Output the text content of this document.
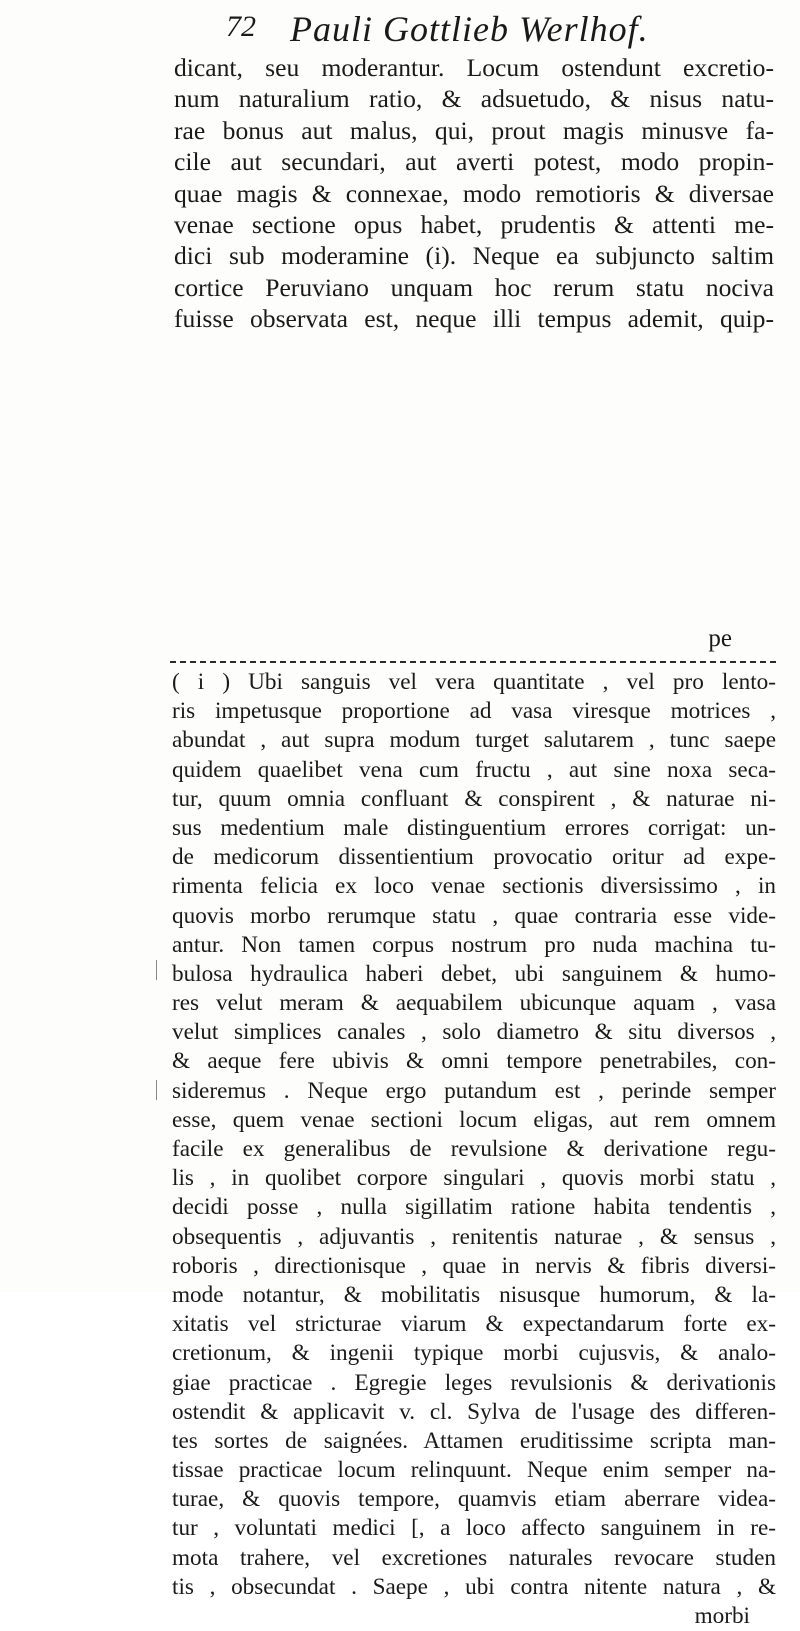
72 Pauli Gottlieb Werlhof.
dicant, seu moderantur. Locum ostendunt excretio-
num naturalium ratio, & adsuetudo, & nisus natu-
rae bonus aut malus, qui, prout magis minusve fa-
cile aut secundari, aut averti potest, modo propin-
quae magis & connexae, modo remotioris & diversae
venae sectione opus habet, prudentis & attenti me-
dici sub moderamine (i). Neque ea subjuncto saltim
cortice Peruviano unquam hoc rerum statu nociva
fuisse observata est, neque illi tempus ademit, quip-
pe
( i ) Ubi sanguis vel vera quantitate , vel pro lento-
ris impetusque proportione ad vasa viresque motrices ,
abundat , aut supra modum turget salutarem , tunc saepe
quidem quaelibet vena cum fructu , aut sine noxa seca-
tur, quum omnia confluant & conspirent , & naturae ni-
sus medentium male distinguentium errores corrigat: un-
de medicorum dissentientium provocatio oritur ad expe-
rimenta felicia ex loco venae sectionis diversissimo , in
quovis morbo rerumque statu , quae contraria esse vide-
antur. Non tamen corpus nostrum pro nuda machina tu-
bulosa hydraulica haberi debet, ubi sanguinem & humo-
res velut meram & aequabilem ubicunque aquam , vasa
velut simplices canales , solo diametro & situ diversos ,
& aeque fere ubivis & omni tempore penetrabiles, con-
sideremus . Neque ergo putandum est , perinde semper
esse, quem venae sectioni locum eligas, aut rem omnem
facile ex generalibus de revulsione & derivatione regu-
lis , in quolibet corpore singulari , quovis morbi statu ,
decidi posse , nulla sigillatim ratione habita tendentis ,
obsequentis , adjuvantis , renitentis naturae , & sensus ,
roboris , directionisque , quae in nervis & fibris diversi-
mode notantur, & mobilitatis nisusque humorum, & la-
xitatis vel stricturae viarum & expectandarum forte ex-
cretionum, & ingenii typique morbi cujusvis, & analo-
giae practicae . Egregie leges revulsionis & derivationis
ostendit & applicavit v. cl. Sylva de l'usage des differen-
tes sortes de saignées. Attamen eruditissime scripta man-
tissae practicae locum relinquunt. Neque enim semper na-
turae, & quovis tempore, quamvis etiam aberrare videa-
tur , voluntati medici [, a loco affecto sanguinem in re-
mota trahere, vel excretiones naturales revocare studen
tis , obsecundat . Saepe , ubi contra nitente natura , &
morbi
